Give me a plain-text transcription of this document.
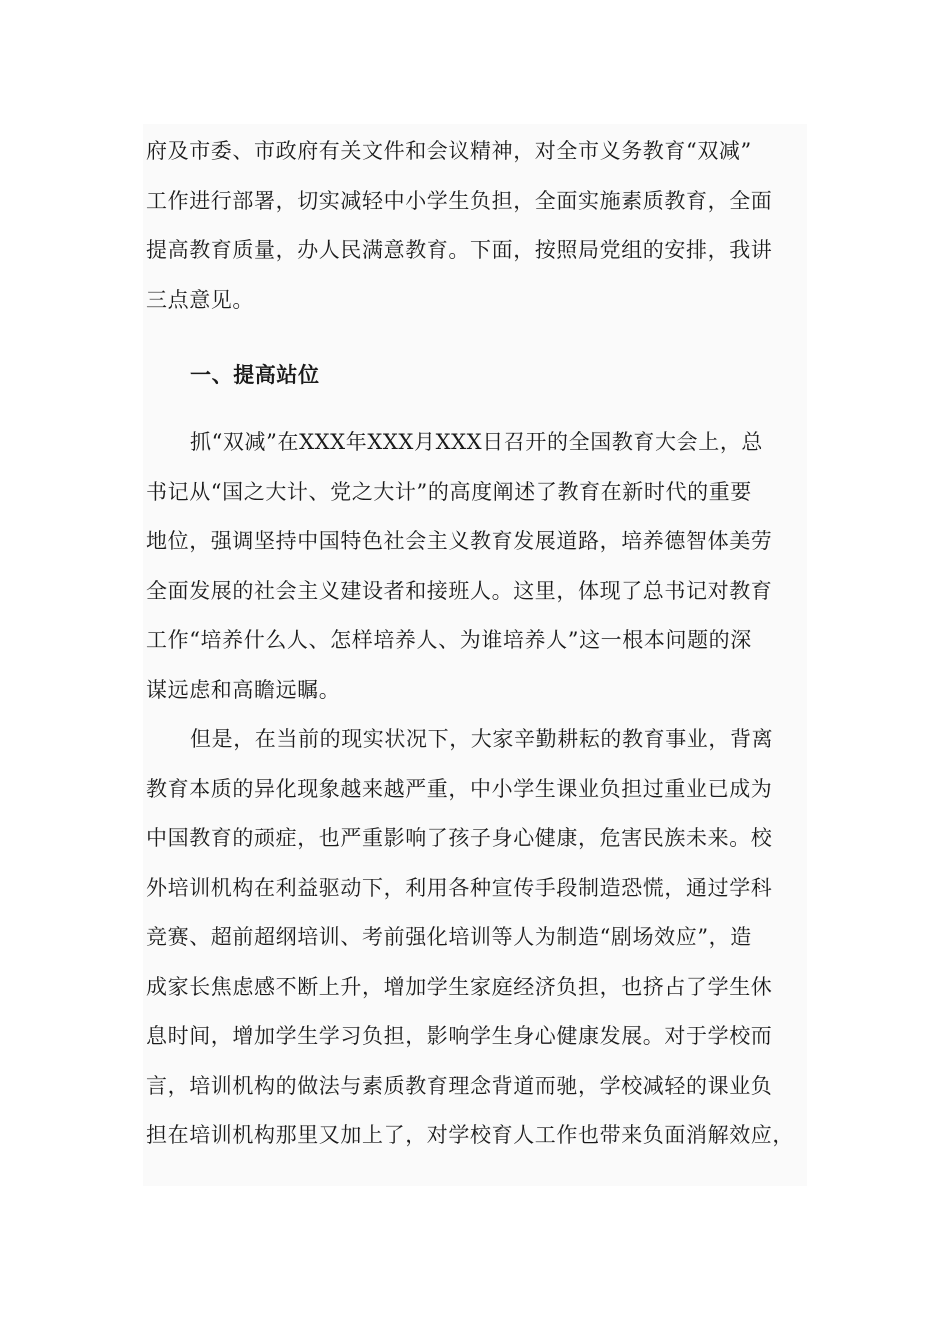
府及市委、市政府有关文件和会议精神，对全市义务教育“双减”
工作进行部署，切实减轻中小学生负担，全面实施素质教育，全面
提高教育质量，办人民满意教育。下面，按照局党组的安排，我讲
三点意见。

一、提高站位

抓“双减”在XXX年XXX月XXX日召开的全国教育大会上，总
书记从“国之大计、党之大计”的高度阐述了教育在新时代的重要
地位，强调坚持中国特色社会主义教育发展道路，培养德智体美劳
全面发展的社会主义建设者和接班人。这里，体现了总书记对教育
工作“培养什么人、怎样培养人、为谁培养人”这一根本问题的深
谋远虑和高瞻远瞩。

但是，在当前的现实状况下，大家辛勤耕耘的教育事业，背离
教育本质的异化现象越来越严重，中小学生课业负担过重业已成为
中国教育的顽症，也严重影响了孩子身心健康，危害民族未来。校
外培训机构在利益驱动下，利用各种宣传手段制造恐慌，通过学科
竞赛、超前超纲培训、考前强化培训等人为制造“剧场效应”，造
成家长焦虑感不断上升，增加学生家庭经济负担，也挤占了学生休
息时间，增加学生学习负担，影响学生身心健康发展。对于学校而
言，培训机构的做法与素质教育理念背道而驰，学校减轻的课业负
担在培训机构那里又加上了，对学校育人工作也带来负面消解效应，
